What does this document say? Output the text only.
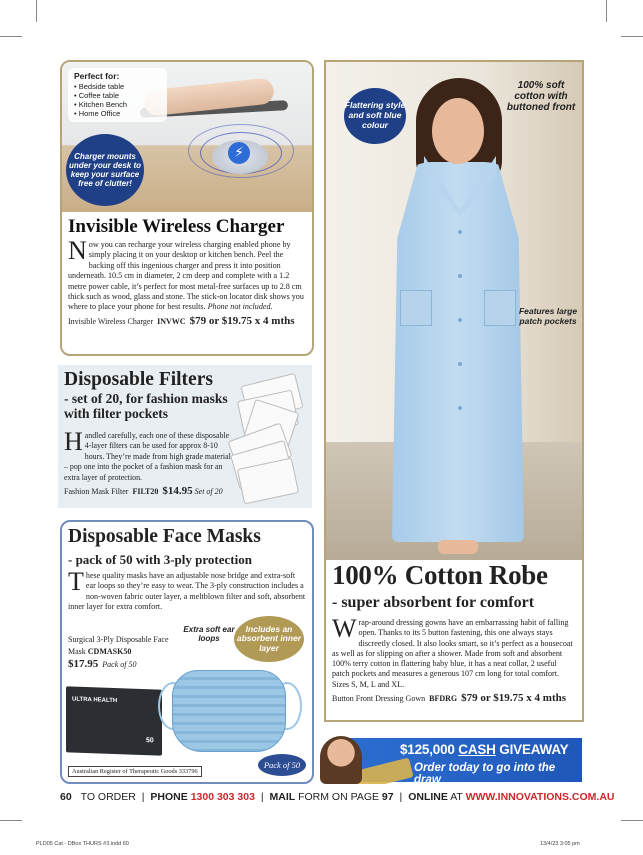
⚡
Perfect for:
• Bedside table
• Coffee table
• Kitchen Bench
• Home Office
Charger mounts under your desk to keep your surface free of clutter!
Invisible Wireless Charger
Now you can recharge your wireless charging enabled phone by simply placing it on your desktop or kitchen bench. Peel the backing off this ingenious charger and press it into position underneath. 10.5 cm in diameter, 2 cm deep and complete with a 1.2 metre power cable, it’s perfect for most metal-free surfaces up to 2.8 cm thick such as wood, glass and stone. The stick-on locator disk shows you where to place your phone for best results. Phone not included.
Invisible Wireless Charger INVWC $79 or $19.75 x 4 mths
Disposable Filters
- set of 20, for fashion masks with filter pockets
Handled carefully, each one of these disposable 4-layer filters can be used for approx 8-10 hours. They’re made from high grade material – pop one into the pocket of a fashion mask for an extra layer of protection.
Fashion Mask Filter FILT20 $14.95 Set of 20
Disposable Face Masks
- pack of 50 with 3-ply protection
These quality masks have an adjustable nose bridge and extra-soft ear loops so they’re easy to wear. The 3-ply construction includes a non-woven fabric outer layer, a meltblown filter and soft, absorbent inner layer for extra comfort.
Surgical 3-Ply Disposable Face Mask CDMASK50
$17.95 Pack of 50
Extra soft ear loops
Includes an absorbent inner layer
ULTRA HEALTH
50
Pack of 50
Australian Register of Therapeutic Goods 333796
Flattering style and soft blue colour
100% soft cotton with buttoned front
Features large patch pockets
100% Cotton Robe
- super absorbent for comfort
Wrap-around dressing gowns have an embarrassing habit of falling open. Thanks to its 5 button fastening, this one always stays discreetly closed. It also looks smart, so it’s perfect as a housecoat as well as for slipping on after a shower. Made from soft and absorbent 100% terry cotton in flattering baby blue, it has a neat collar, 2 useful patch pockets and measures a generous 107 cm long for total comfort. Sizes S, M, L and XL.
Button Front Dressing Gown BFDRG $79 or $19.75 x 4 mths
$125,000 CASH GIVEAWAY
Order today to go into the draw
60 TO ORDER | PHONE 1300 303 303 | MAIL FORM ON PAGE 97 | ONLINE AT WWW.INNOVATIONS.COM.AU
PLD05 Cat - DBox THURS #3.indd 60	13/4/23 3:05 pm
